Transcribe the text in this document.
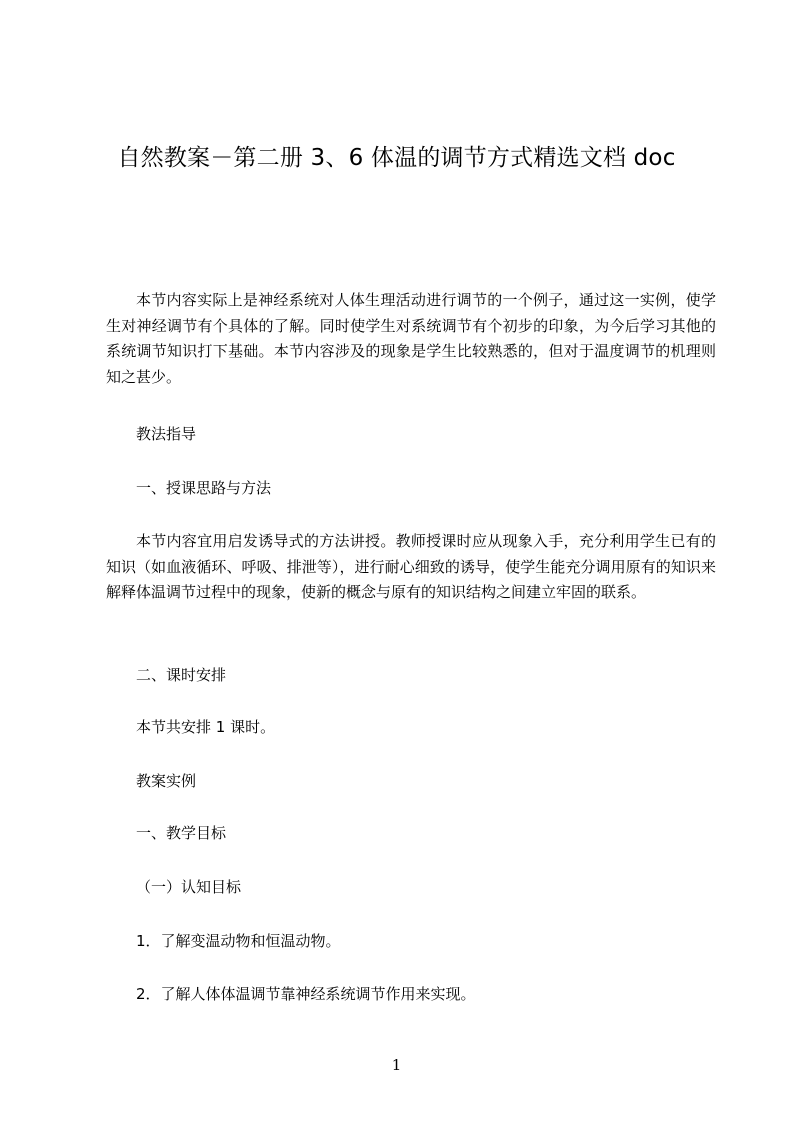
自然教案－第二册 3、6 体温的调节方式精选文档 doc
本节内容实际上是神经系统对人体生理活动进行调节的一个例子，通过这一实例，使学生对神经调节有个具体的了解。同时使学生对系统调节有个初步的印象，为今后学习其他的系统调节知识打下基础。本节内容涉及的现象是学生比较熟悉的，但对于温度调节的机理则知之甚少。
教法指导
一、授课思路与方法
本节内容宜用启发诱导式的方法讲授。教师授课时应从现象入手，充分利用学生已有的知识（如血液循环、呼吸、排泄等），进行耐心细致的诱导，使学生能充分调用原有的知识来解释体温调节过程中的现象，使新的概念与原有的知识结构之间建立牢固的联系。
二、课时安排
本节共安排 1 课时。
教案实例
一、教学目标
（一）认知目标
1．了解变温动物和恒温动物。
2．了解人体体温调节靠神经系统调节作用来实现。
1
